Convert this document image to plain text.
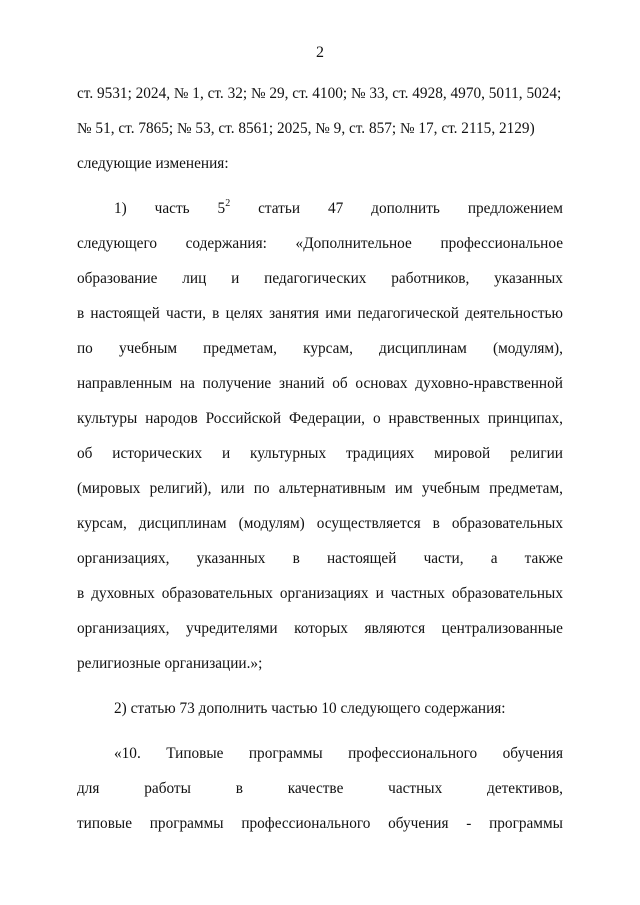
2
ст. 9531; 2024, № 1, ст. 32; № 29, ст. 4100; № 33, ст. 4928, 4970, 5011, 5024;
№ 51, ст. 7865; № 53, ст. 8561; 2025, № 9, ст. 857; № 17, ст. 2115, 2129)
следующие изменения:
1) часть 52 статьи 47 дополнить предложением
следующего содержания: «Дополнительное профессиональное
образование лиц и педагогических работников, указанных
в настоящей части, в целях занятия ими педагогической деятельностью
по учебным предметам, курсам, дисциплинам (модулям),
направленным на получение знаний об основах духовно-нравственной
культуры народов Российской Федерации, о нравственных принципах,
об исторических и культурных традициях мировой религии
(мировых религий), или по альтернативным им учебным предметам,
курсам, дисциплинам (модулям) осуществляется в образовательных
организациях, указанных в настоящей части, а также
в духовных образовательных организациях и частных образовательных
организациях, учредителями которых являются централизованные
религиозные организации.»;
2) статью 73 дополнить частью 10 следующего содержания:
«10. Типовые программы профессионального обучения
для	работы	в	качестве	частных	детективов,
типовые программы профессионального обучения - программы
